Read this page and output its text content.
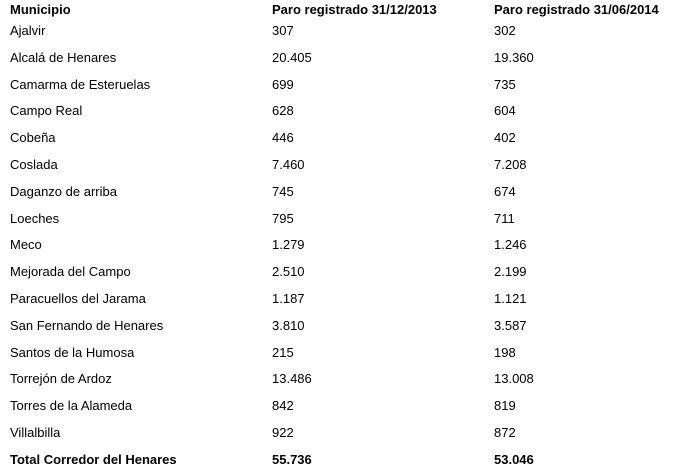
Municipio	Paro registrado 31/12/2013	Paro registrado 31/06/2014
Ajalvir	307	302
Alcalá de Henares	20.405	19.360
Camarma de Esteruelas	699	735
Campo Real	628	604
Cobeña	446	402
Coslada	7.460	7.208
Daganzo de arriba	745	674
Loeches	795	711
Meco	1.279	1.246
Mejorada del Campo	2.510	2.199
Paracuellos del Jarama	1.187	1.121
San Fernando de Henares	3.810	3.587
Santos de la Humosa	215	198
Torrejón de Ardoz	13.486	13.008
Torres de la Alameda	842	819
Villalbilla	922	872
Total Corredor del Henares	55.736	53.046
